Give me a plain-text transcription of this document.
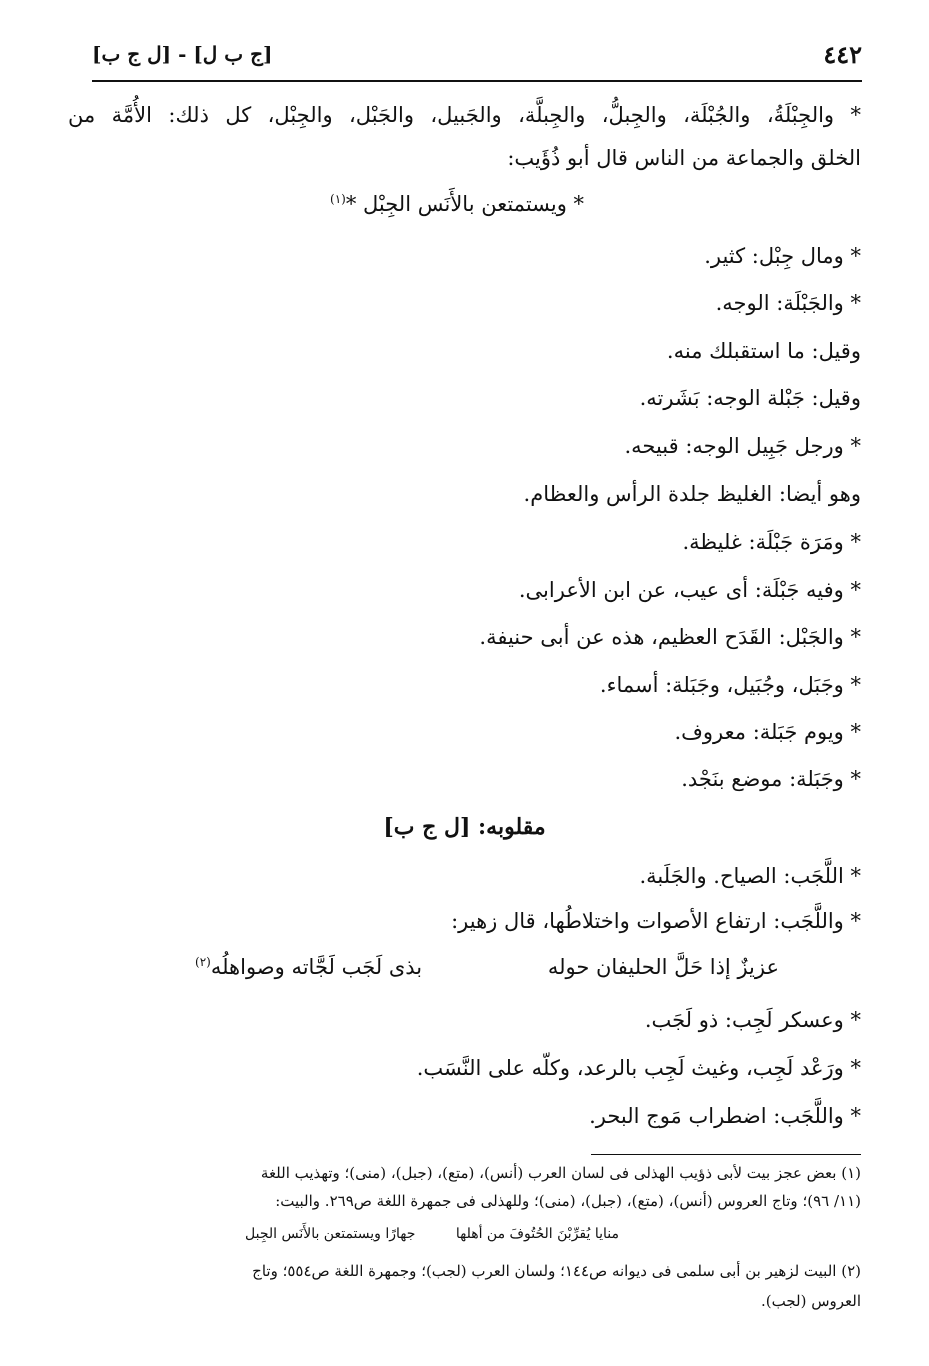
٤٤٢
[ج ب ل] - [ل ج ب]
* والجِبْلَةُ، والجُبْلَة، والجِبلُّ، والجِبلَّة، والجَبيل، والجَبْل، والجِبْل، كل ذلك: الأُمَّة من
الخلق والجماعة من الناس قال أبو ذُؤَيب:
* ويستمتعن بالأَنَس الجِبْل *$^{(١)}$
* ومال جِبْل: كثير.
* والجَبْلَة: الوجه.
وقيل: ما استقبلك منه.
وقيل: جَبْلة الوجه: بَشَرته.
* ورجل جَبِيل الوجه: قبيحه.
وهو أيضا: الغليظ جلدة الرأس والعظام.
* ومَرَة جَبْلَة: غليظة.
* وفيه جَبْلَة: أى عيب، عن ابن الأعرابى.
* والجَبْل: القَدَح العظيم، هذه عن أبى حنيفة.
* وجَبَل، وجُبَيل، وجَبَلة: أسماء.
* ويوم جَبَلة: معروف.
* وجَبَلة: موضع بنَجْد.
مقلوبه: [ل ج ب]
* اللَّجَب: الصياح. والجَلَبة.
* واللَّجَب: ارتفاع الأصوات واختلاطُها، قال زهير:
عزيزٌ إذا حَلَّ الحليفان حوله
بذى لَجَب لَجَّاته وصواهلُه$^{(٢)}$
* وعسكر لَجِب: ذو لَجَب.
* ورَعْد لَجِب، وغيث لَجِب بالرعد، وكلّه على النَّسَب.
* واللَّجَب: اضطراب مَوج البحر.
(١) بعض عجز بيت لأبى ذؤيب الهذلى فى لسان العرب (أنس)، (متع)، (جبل)، (منى)؛ وتهذيب اللغة
(١١/ ٩٦)؛ وتاج العروس (أنس)، (متع)، (جبل)، (منى)؛ وللهذلى فى جمهرة اللغة ص٢٦٩. والبيت:
منايا يُقرِّبْنَ الحُتُوفَ من أهلها
جهارًا ويستمتعن بالأَنَس الجِبل
(٢) البيت لزهير بن أبى سلمى فى ديوانه ص١٤٤؛ ولسان العرب (لجب)؛ وجمهرة اللغة ص٥٥٤؛ وتاج
العروس (لجب).
